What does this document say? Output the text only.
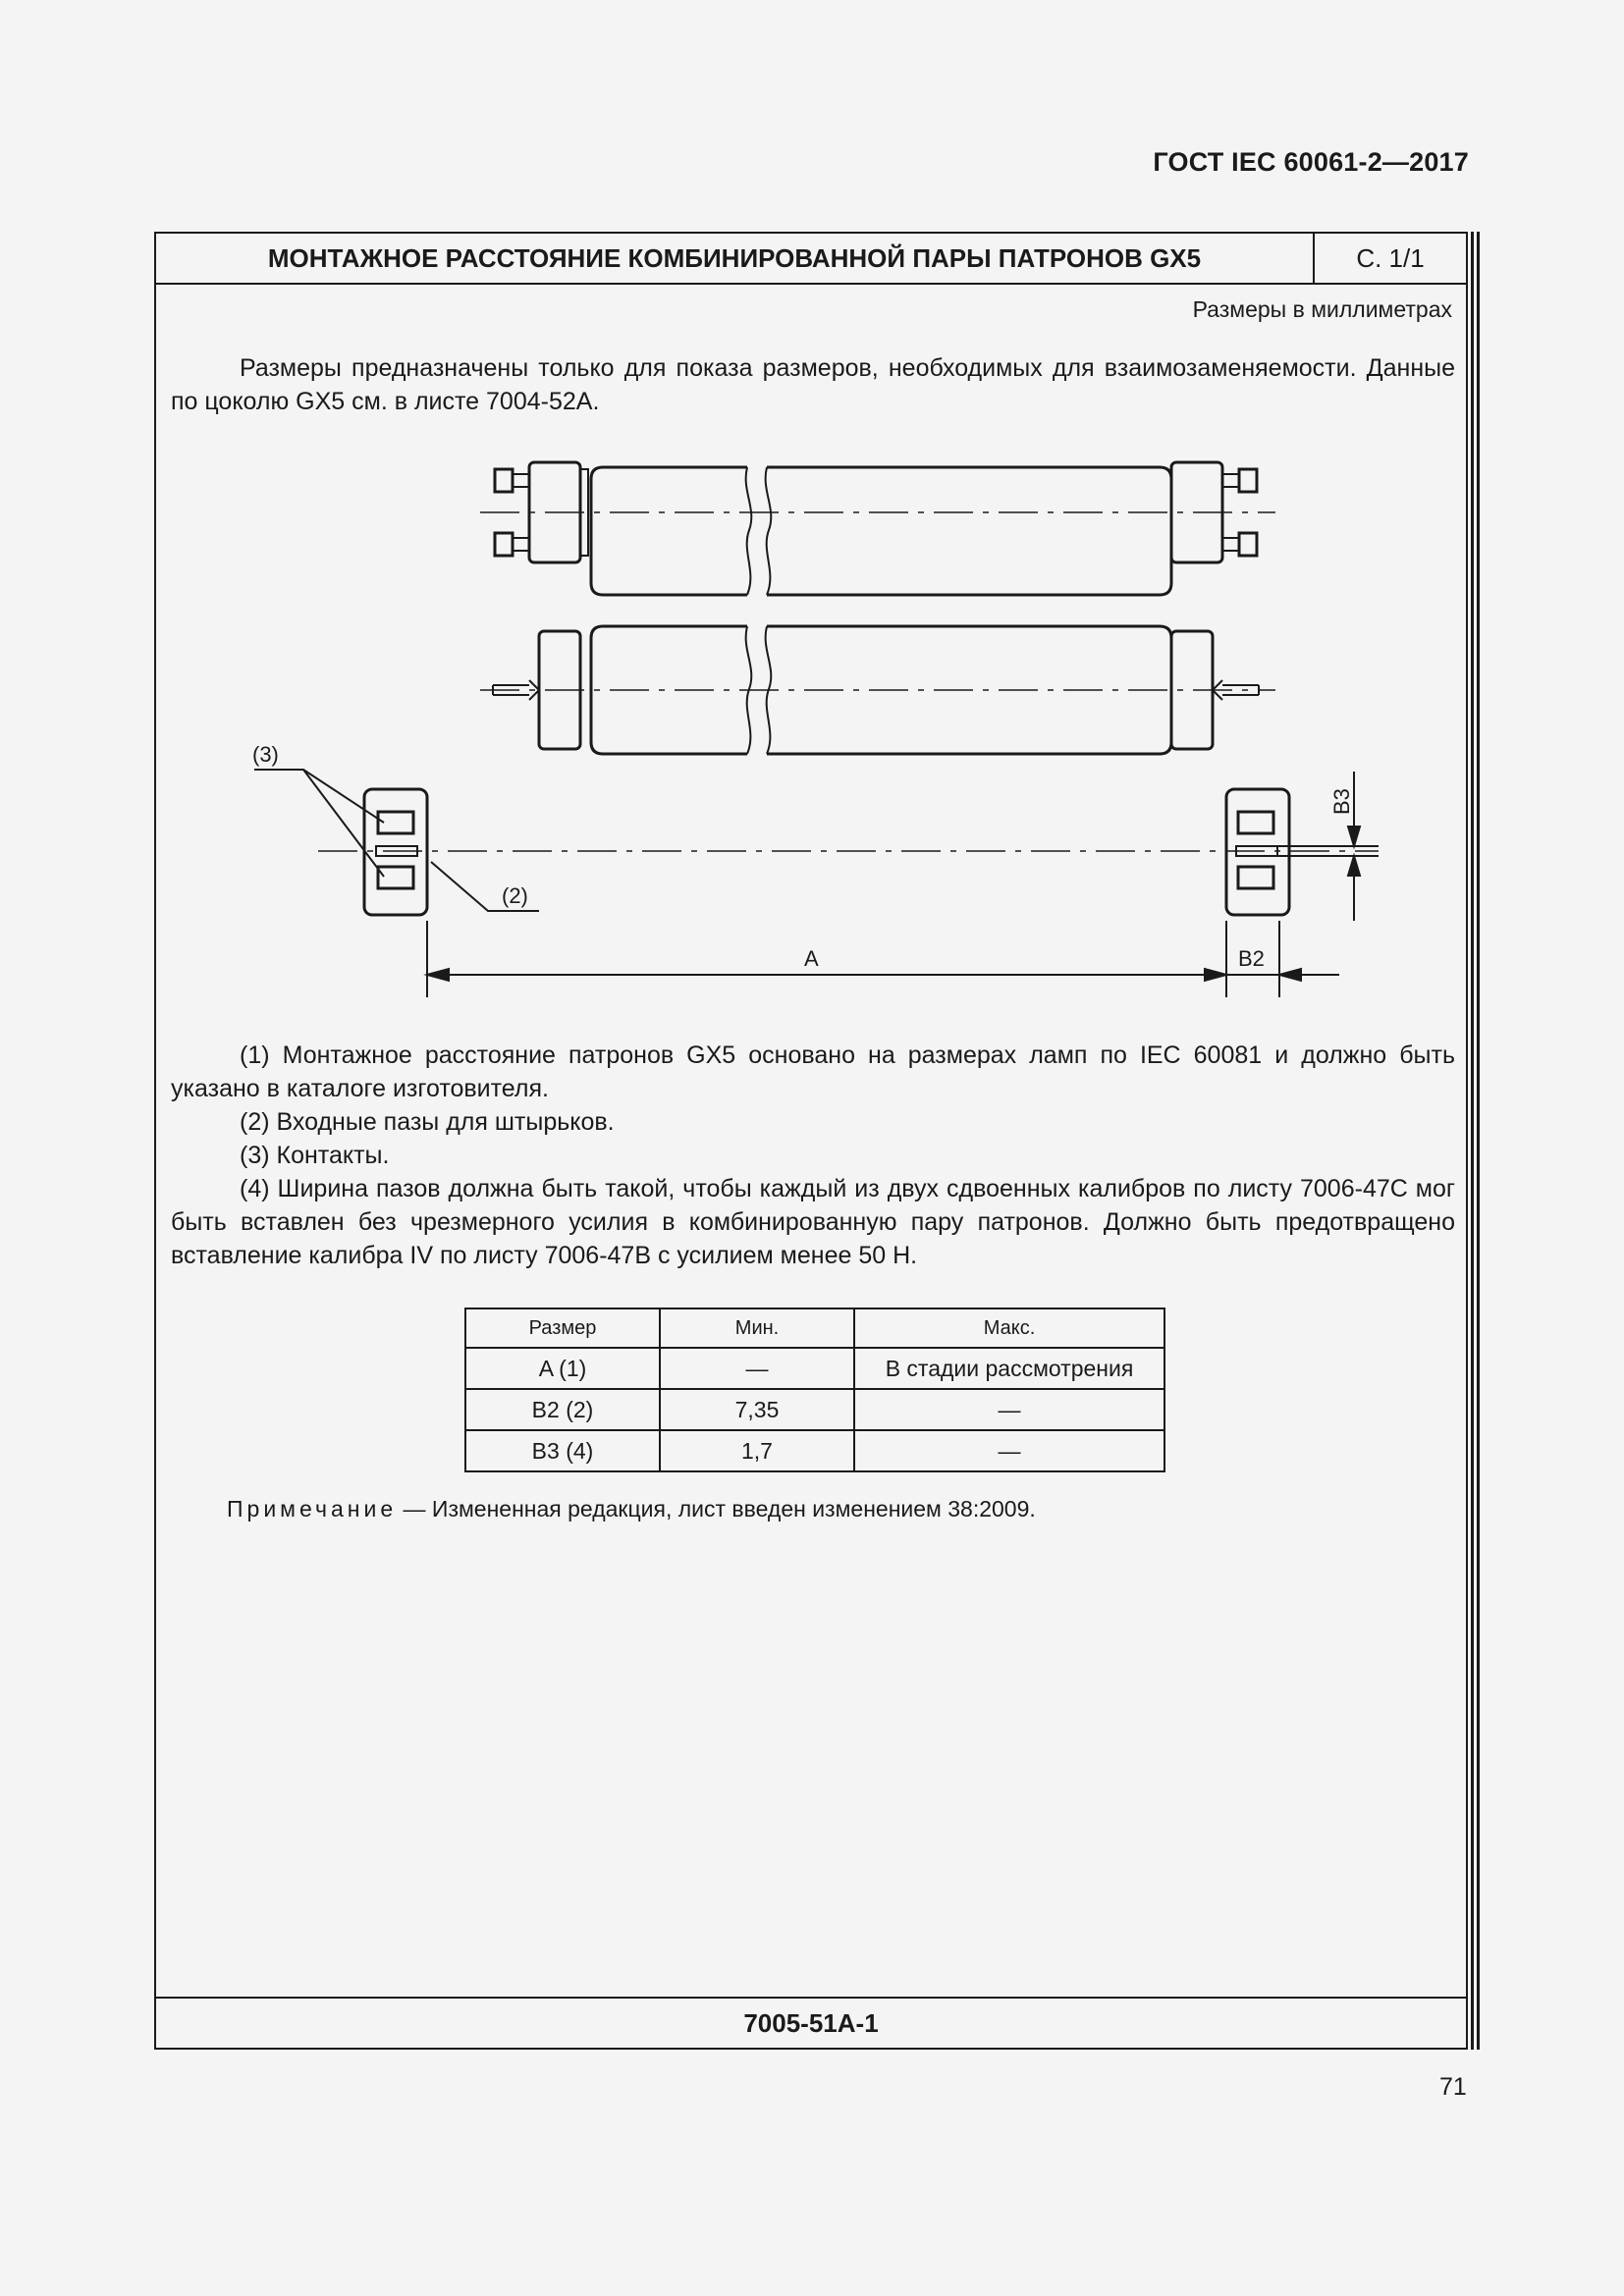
ГОСТ IEC 60061-2—2017
МОНТАЖНОЕ РАССТОЯНИЕ КОМБИНИРОВАННОЙ ПАРЫ ПАТРОНОВ GX5	С. 1/1
Размеры в миллиметрах

Размеры предназначены только для показа размеров, необходимых для взаимозаменяемости. Данные по цоколю GX5 см. в листе 7004-52А.

(3)
(2)
A	B2
B3

(1) Монтажное расстояние патронов GX5 основано на размерах ламп по IEC 60081 и должно быть указано в каталоге изготовителя.

(2) Входные пазы для штырьков.

(3) Контакты.

(4) Ширина пазов должна быть такой, чтобы каждый из двух сдвоенных калибров по листу 7006-47С мог быть вставлен без чрезмерного усилия в комбинированную пару патронов. Должно быть предотвращено вставление калибра IV по листу 7006-47В с усилием менее 50 Н.

Размер	Мин.	Макс.
A (1)	—	В стадии рассмотрения
B2 (2)	7,35	—
B3 (4)	1,7	—
Примечание — Измененная редакция, лист введен изменением 38:2009.
7005-51А-1
71
